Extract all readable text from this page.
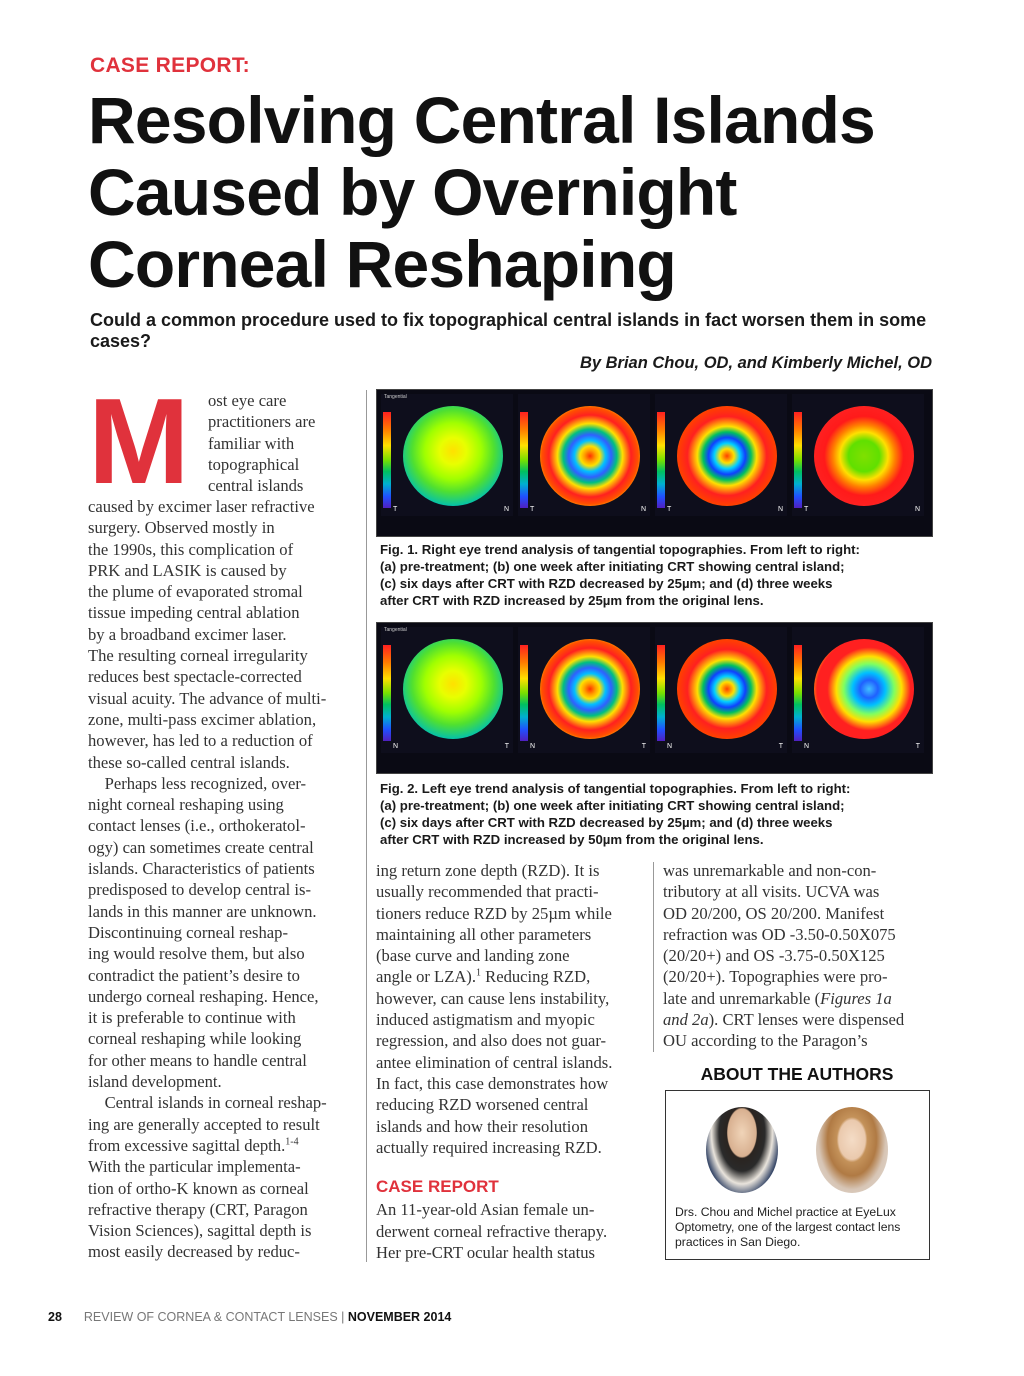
CASE REPORT:
Resolving Central Islands
Caused by Overnight
Corneal Reshaping
Could a common procedure used to fix topographical central islands in fact worsen them in some cases?
By Brian Chou, OD, and Kimberly Michel, OD
M ost eye care
practitioners are
familiar with
topographical
central islands
caused by excimer laser refractive
surgery. Observed mostly in
the 1990s, this complication of
PRK and LASIK is caused by
the plume of evaporated stromal
tissue impeding central ablation
by a broadband excimer laser.
The resulting corneal irregularity
reduces best spectacle-corrected
visual acuity. The advance of multi-
zone, multi-pass excimer ablation,
however, has led to a reduction of
these so-called central islands.
Perhaps less recognized, over-
night corneal reshaping using
contact lenses (i.e., orthokeratol-
ogy) can sometimes create central
islands. Characteristics of patients
predisposed to develop central is-
lands in this manner are unknown.
Discontinuing corneal reshap-
ing would resolve them, but also
contradict the patient’s desire to
undergo corneal reshaping. Hence,
it is preferable to continue with
corneal reshaping while looking
for other means to handle central
island development.
Central islands in corneal reshap-
ing are generally accepted to result
from excessive sagittal depth.$^{1-4}$
With the particular implementa-
tion of ortho-K known as corneal
refractive therapy (CRT, Paragon
Vision Sciences), sagittal depth is
most easily decreased by reduc-
Tangential
T	N	T	N	T	N	T	N
Fig. 1. Right eye trend analysis of tangential topographies. From left to right:
(a) pre-treatment; (b) one week after initiating CRT showing central island;
(c) six days after CRT with RZD decreased by 25µm; and (d) three weeks
after CRT with RZD increased by 25µm from the original lens.
Tangential
N	T	N	T	N	T	N	T
Fig. 2. Left eye trend analysis of tangential topographies. From left to right:
(a) pre-treatment; (b) one week after initiating CRT showing central island;
(c) six days after CRT with RZD decreased by 25µm; and (d) three weeks
after CRT with RZD increased by 50µm from the original lens.
ing return zone depth (RZD). It is
usually recommended that practi-
tioners reduce RZD by 25µm while
maintaining all other parameters
(base curve and landing zone
angle or LZA).$^1$ Reducing RZD,
however, can cause lens instability,
induced astigmatism and myopic
regression, and also does not guar-
antee elimination of central islands.
In fact, this case demonstrates how
reducing RZD worsened central
islands and how their resolution
actually required increasing RZD.
CASE REPORT
An 11-year-old Asian female un-
derwent corneal refractive therapy.
Her pre-CRT ocular health status
was unremarkable and non-con-
tributory at all visits. UCVA was
OD 20/200, OS 20/200. Manifest
refraction was OD -3.50-0.50X075
(20/20+) and OS -3.75-0.50X125
(20/20+). Topographies were pro-
late and unremarkable (Figures 1a
and 2a). CRT lenses were dispensed
OU according to the Paragon’s
ABOUT THE AUTHORS
Drs. Chou and Michel practice at EyeLux Optometry, one of the largest contact lens practices in San Diego.
28 REVIEW OF CORNEA & CONTACT LENSES | NOVEMBER 2014
